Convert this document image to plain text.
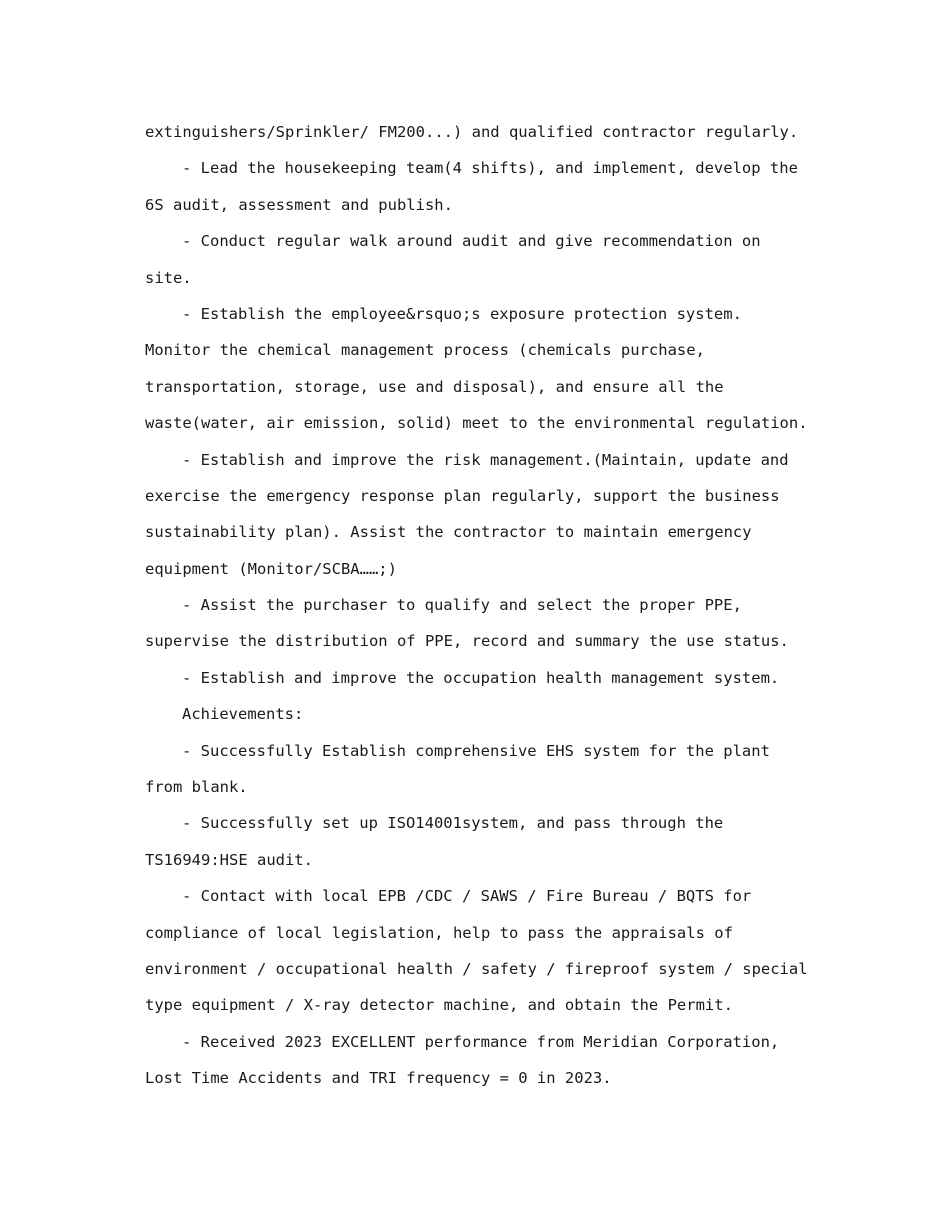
extinguishers/Sprinkler/ FM200...) and qualified contractor regularly.
- Lead the housekeeping team(4 shifts), and implement, develop the
6S audit, assessment and publish.
- Conduct regular walk around audit and give recommendation on
site.
- Establish the employee&rsquo;s exposure protection system.
Monitor the chemical management process (chemicals purchase,
transportation, storage, use and disposal), and ensure all the
waste(water, air emission, solid) meet to the environmental regulation.
- Establish and improve the risk management.(Maintain, update and
exercise the emergency response plan regularly, support the business
sustainability plan). Assist the contractor to maintain emergency
equipment (Monitor/SCBA……;)
- Assist the purchaser to qualify and select the proper PPE,
supervise the distribution of PPE, record and summary the use status.
- Establish and improve the occupation health management system.
Achievements:
- Successfully Establish comprehensive EHS system for the plant
from blank.
- Successfully set up ISO14001system, and pass through the
TS16949:HSE audit.
- Contact with local EPB /CDC / SAWS / Fire Bureau / BQTS for
compliance of local legislation, help to pass the appraisals of
environment / occupational health / safety / fireproof system / special
type equipment / X-ray detector machine, and obtain the Permit.
- Received 2023 EXCELLENT performance from Meridian Corporation,
Lost Time Accidents and TRI frequency = 0 in 2023.
